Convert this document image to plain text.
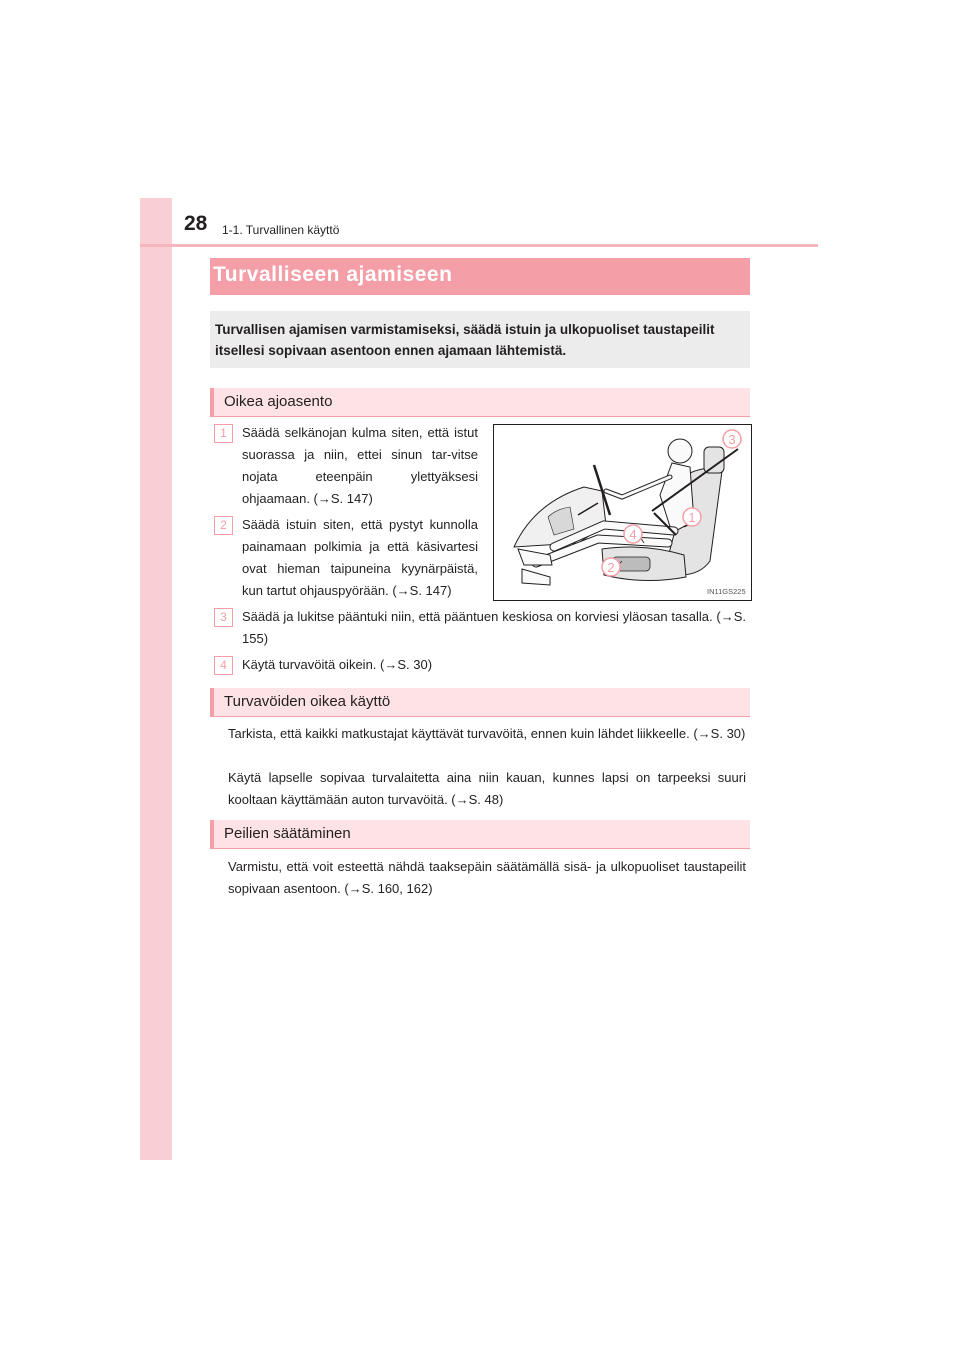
28 1-1. Turvallinen käyttö
Turvalliseen ajamiseen
Turvallisen ajamisen varmistamiseksi, säädä istuin ja ulkopuoliset taustapeilit itsellesi sopivaan asentoon ennen ajamaan lähtemistä.
Oikea ajoasento
1	Säädä selkänojan kulma siten, että istut suorassa ja niin, ettei sinun tar-vitse nojata eteenpäin ylettyäksesi ohjaamaan. (→S. 147)
2	Säädä istuin siten, että pystyt kunnolla painamaan polkimia ja että käsivartesi ovat hieman taipuneina kyynärpäistä, kun tartut ohjauspyörään. (→S. 147)
3	Säädä ja lukitse pääntuki niin, että pääntuen keskiosa on korviesi yläosan tasalla. (→S. 155)
4	Käytä turvavöitä oikein. (→S. 30)
3
1
4
2
IN11GS225
Turvavöiden oikea käyttö
Tarkista, että kaikki matkustajat käyttävät turvavöitä, ennen kuin lähdet liikkeelle. (→S. 30)
Käytä lapselle sopivaa turvalaitetta aina niin kauan, kunnes lapsi on tarpeeksi suuri kooltaan käyttämään auton turvavöitä. (→S. 48)
Peilien säätäminen
Varmistu, että voit esteettä nähdä taaksepäin säätämällä sisä- ja ulkopuoliset taustapeilit sopivaan asentoon. (→S. 160, 162)
